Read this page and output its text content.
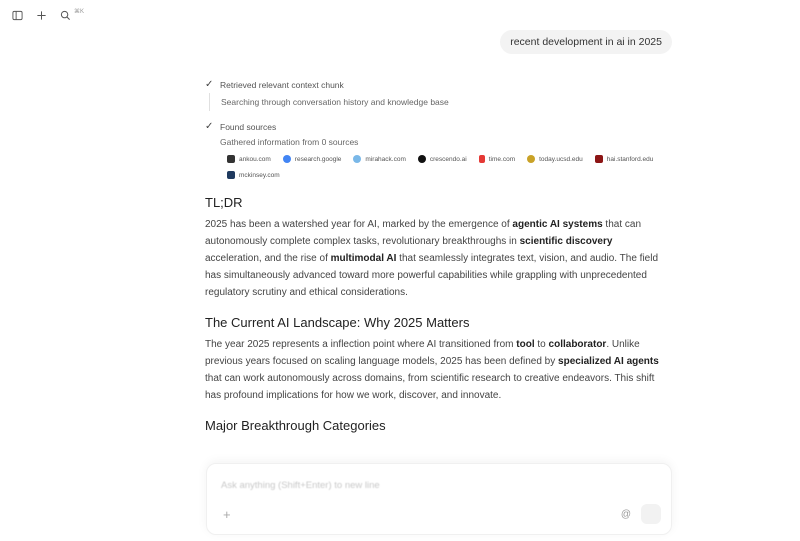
⌘K
recent development in ai in 2025
✓ Retrieved relevant context chunk
Searching through conversation history and knowledge base
✓ Found sources
Gathered information from 0 sources
ankou.com	research.google	mirahack.com	crescendo.ai	time.com	today.ucsd.edu	hai.stanford.edu
mckinsey.com
TL;DR

2025 has been a watershed year for AI, marked by the emergence of agentic AI systems that can autonomously complete complex tasks, revolutionary breakthroughs in scientific discovery acceleration, and the rise of multimodal AI that seamlessly integrates text, vision, and audio. The field has simultaneously advanced toward more powerful capabilities while grappling with unprecedented regulatory scrutiny and ethical considerations.

The Current AI Landscape: Why 2025 Matters

The year 2025 represents a inflection point where AI transitioned from tool to collaborator. Unlike previous years focused on scaling language models, 2025 has been defined by specialized AI agents that can work autonomously across domains, from scientific research to creative endeavors. This shift has profound implications for how we work, discover, and innovate.

Major Breakthrough Categories
Ask anything (Shift+Enter) to new line
+	@
